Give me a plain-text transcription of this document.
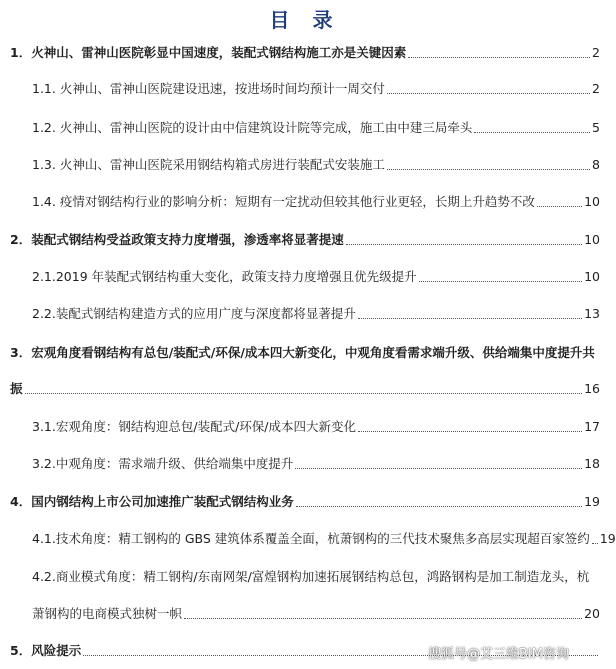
目 录
1．火神山、雷神山医院彰显中国速度，装配式钢结构施工亦是关键因素	2
1.1. 火神山、雷神山医院建设迅速，按进场时间均预计一周交付	2
1.2. 火神山、雷神山医院的设计由中信建筑设计院等完成，施工由中建三局牵头	5
1.3. 火神山、雷神山医院采用钢结构箱式房进行装配式安装施工	8
1.4. 疫情对钢结构行业的影响分析：短期有一定扰动但较其他行业更轻，长期上升趋势不改	10
2．装配式钢结构受益政策支持力度增强，渗透率将显著提速	10
2.1.2019 年装配式钢结构重大变化，政策支持力度增强且优先级提升	10
2.2.装配式钢结构建造方式的应用广度与深度都将显著提升	13
3．宏观角度看钢结构有总包/装配式/环保/成本四大新变化，中观角度看需求端升级、供给端集中度提升共
振	16
3.1.宏观角度：钢结构迎总包/装配式/环保/成本四大新变化	17
3.2.中观角度：需求端升级、供给端集中度提升	18
4．国内钢结构上市公司加速推广装配式钢结构业务	19
4.1.技术角度：精工钢构的 GBS 建筑体系覆盖全面，杭萧钢构的三代技术聚焦多高层实现超百家签约 19
4.2.商业模式角度：精工钢构/东南网架/富煌钢构加速拓展钢结构总包，鸿路钢构是加工制造龙头，杭
萧钢构的电商模式独树一帜	20
5．风险提示	搜狐号@艾三维BIM咨询
